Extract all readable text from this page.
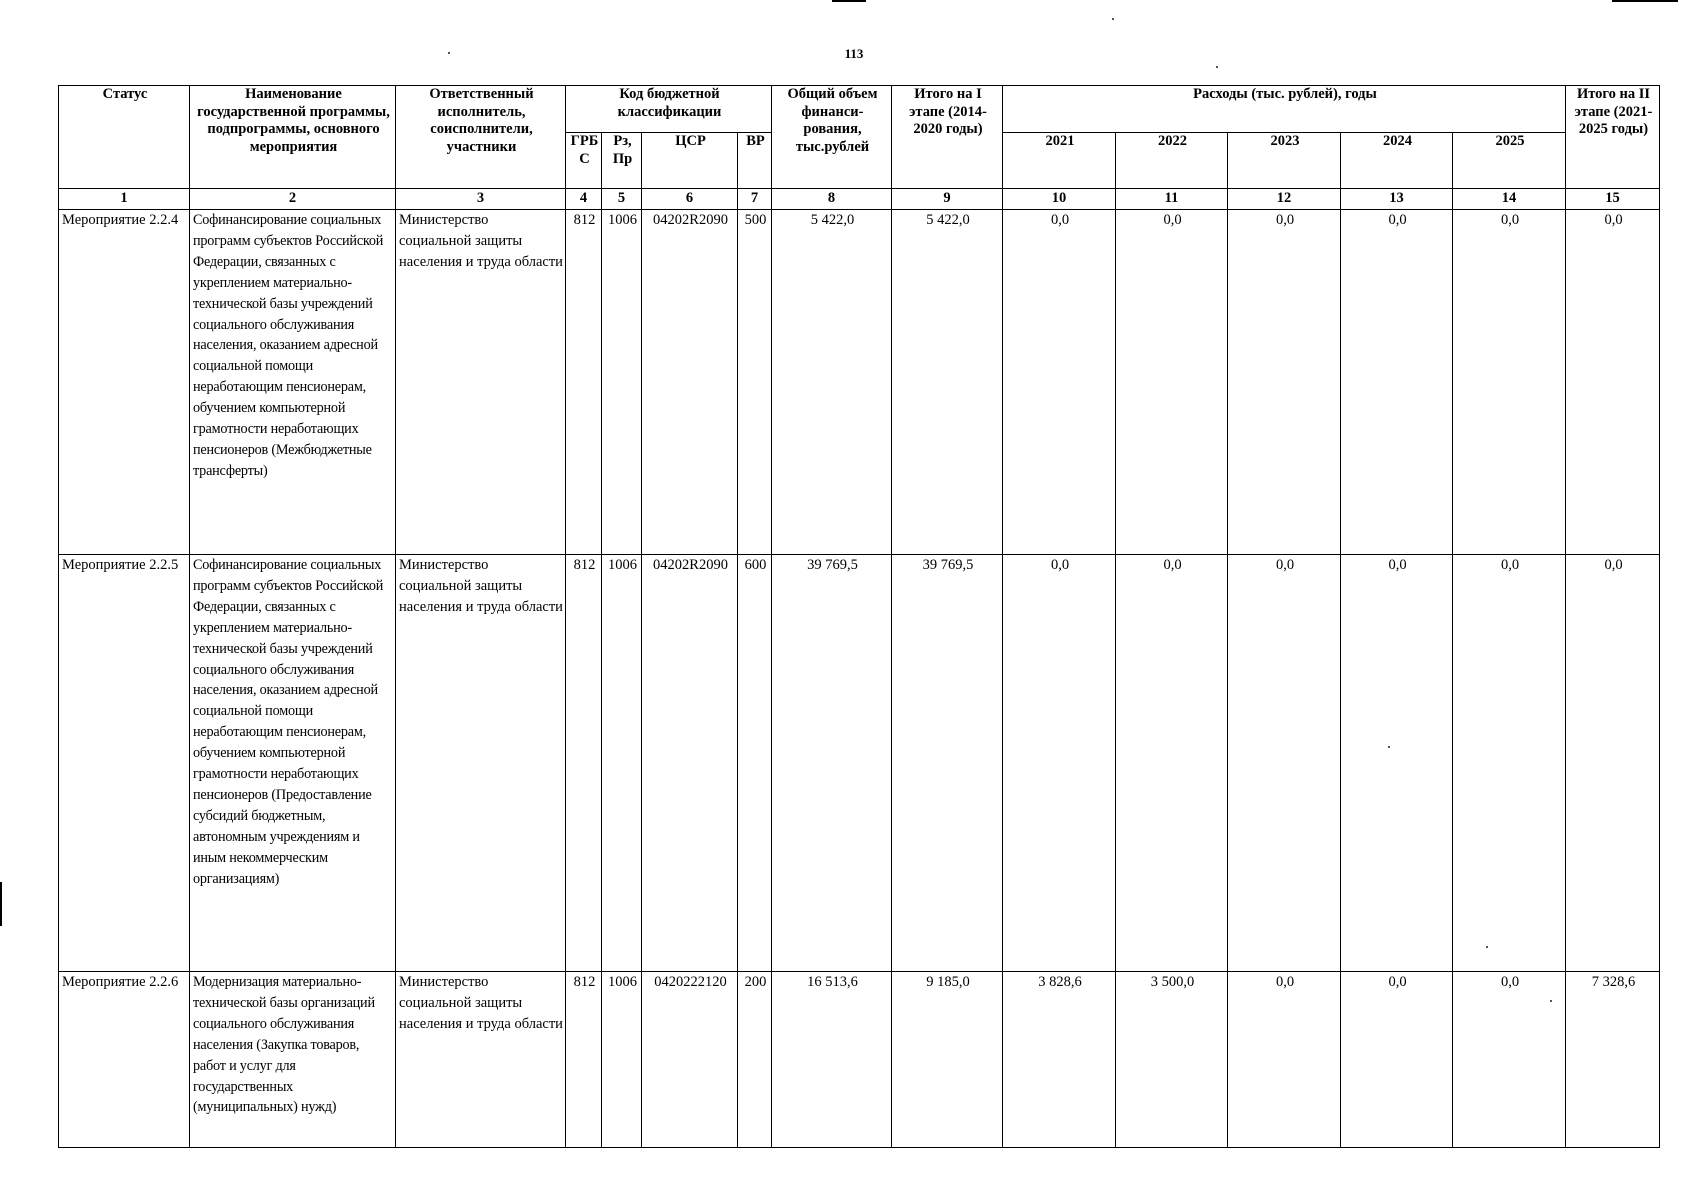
113
Статус	Наименование государственной программы, подпрограммы, основного мероприятия	Ответственный исполнитель, соисполнители, участники	Код бюджетной классификации				Общий объем финанси-рования, тыс.рублей	Итого на I этапе (2014-2020 годы)	Расходы (тыс. рублей), годы					Итого на II этапе (2021-2025 годы)
			ГРБ С	Рз, Пр	ЦСР	ВР			2021	2022	2023	2024	2025	
1	2	3	4	5	6	7	8	9	10	11	12	13	14	15
Мероприятие 2.2.4	Софинансирование социальных программ субъектов Российской Федерации, связанных с укреплением материально-технической базы учреждений социального обслуживания населения, оказанием адресной социальной помощи неработающим пенсионерам, обучением компьютерной грамотности неработающих пенсионеров (Межбюджетные трансферты)	Министерство социальной защиты населения и труда области	812	1006	04202R2090	500	5 422,0	5 422,0	0,0	0,0	0,0	0,0	0,0	0,0
Мероприятие 2.2.5	Софинансирование социальных программ субъектов Российской Федерации, связанных с укреплением материально-технической базы учреждений социального обслуживания населения, оказанием адресной социальной помощи неработающим пенсионерам, обучением компьютерной грамотности неработающих пенсионеров (Предоставление субсидий бюджетным, автономным учреждениям и иным некоммерческим организациям)	Министерство социальной защиты населения и труда области	812	1006	04202R2090	600	39 769,5	39 769,5	0,0	0,0	0,0	0,0	0,0	0,0
Мероприятие 2.2.6	Модернизация материально-технической базы организаций социального обслуживания населения (Закупка товаров, работ и услуг для государственных (муниципальных) нужд)	Министерство социальной защиты населения и труда области	812	1006	0420222120	200	16 513,6	9 185,0	3 828,6	3 500,0	0,0	0,0	0,0	7 328,6
